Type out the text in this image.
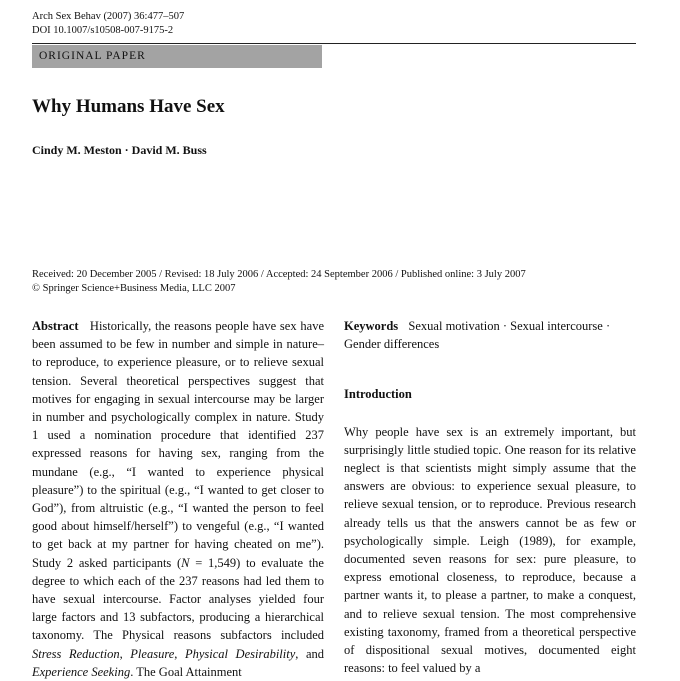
Arch Sex Behav (2007) 36:477–507
DOI 10.1007/s10508-007-9175-2
ORIGINAL PAPER
Why Humans Have Sex
Cindy M. Meston · David M. Buss
Received: 20 December 2005 / Revised: 18 July 2006 / Accepted: 24 September 2006 / Published online: 3 July 2007
© Springer Science+Business Media, LLC 2007

Abstract Historically, the reasons people have sex have been assumed to be few in number and simple in nature–to reproduce, to experience pleasure, or to relieve sexual tension. Several theoretical perspectives suggest that motives for engaging in sexual intercourse may be larger in number and psychologically complex in nature. Study 1 used a nomination procedure that identified 237 expressed reasons for having sex, ranging from the mundane (e.g., “I wanted to experience physical pleasure”) to the spiritual (e.g., “I wanted to get closer to God”), from altruistic (e.g., “I wanted the person to feel good about himself/herself”) to vengeful (e.g., “I wanted to get back at my partner for having cheated on me”). Study 2 asked participants (N = 1,549) to evaluate the degree to which each of the 237 reasons had led them to have sexual intercourse. Factor analyses yielded four large factors and 13 subfactors, producing a hierarchical taxonomy. The Physical reasons subfactors included Stress Reduction, Pleasure, Physical Desirability, and Experience Seeking. The Goal Attainment

Keywords Sexual motivation · Sexual intercourse · Gender differences

Introduction

Why people have sex is an extremely important, but surprisingly little studied topic. One reason for its relative neglect is that scientists might simply assume that the answers are obvious: to experience sexual pleasure, to relieve sexual tension, or to reproduce. Previous research already tells us that the answers cannot be as few or psychologically simple. Leigh (1989), for example, documented seven reasons for sex: pure pleasure, to express emotional closeness, to reproduce, because a partner wants it, to please a partner, to make a conquest, and to relieve sexual tension. The most comprehensive existing taxonomy, framed from a theoretical perspective of dispositional sexual motives, documented eight reasons: to feel valued by a
